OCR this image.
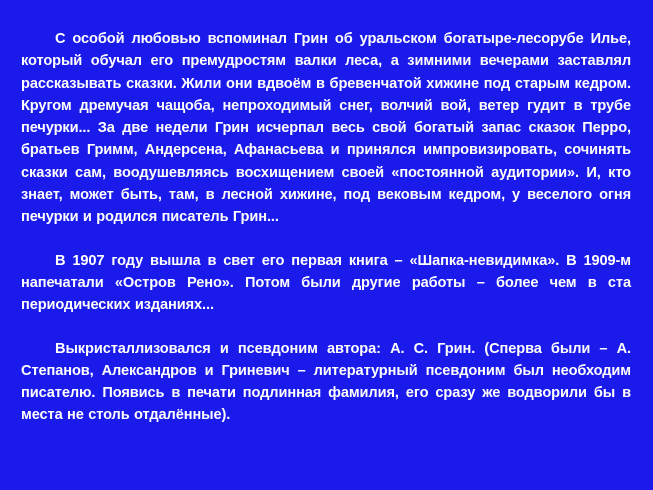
С особой любовью вспоминал Грин об уральском богатыре-лесорубе Илье, который обучал его премудростям валки леса, а зимними вечерами заставлял рассказывать сказки. Жили они вдвоём в бревенчатой хижине под старым кедром. Кругом дремучая чащоба, непроходимый снег, волчий вой, ветер гудит в трубе печурки... За две недели Грин исчерпал весь свой богатый запас сказок Перро, братьев Гримм, Андерсена, Афанасьева и принялся импровизировать, сочинять сказки сам, воодушевляясь восхищением своей «постоянной аудитории». И, кто знает, может быть, там, в лесной хижине, под вековым кедром, у веселого огня печурки и родился писатель Грин...

В 1907 году вышла в свет его первая книга – «Шапка-невидимка». В 1909-м напечатали «Остров Рено». Потом были другие работы – более чем в ста периодических изданиях...

Выкристаллизовался и псевдоним автора: А. С. Грин. (Сперва были – А. Степанов, Александров и Гриневич – литературный псевдоним был необходим писателю. Появись в печати подлинная фамилия, его сразу же водворили бы в места не столь отдалённые).
